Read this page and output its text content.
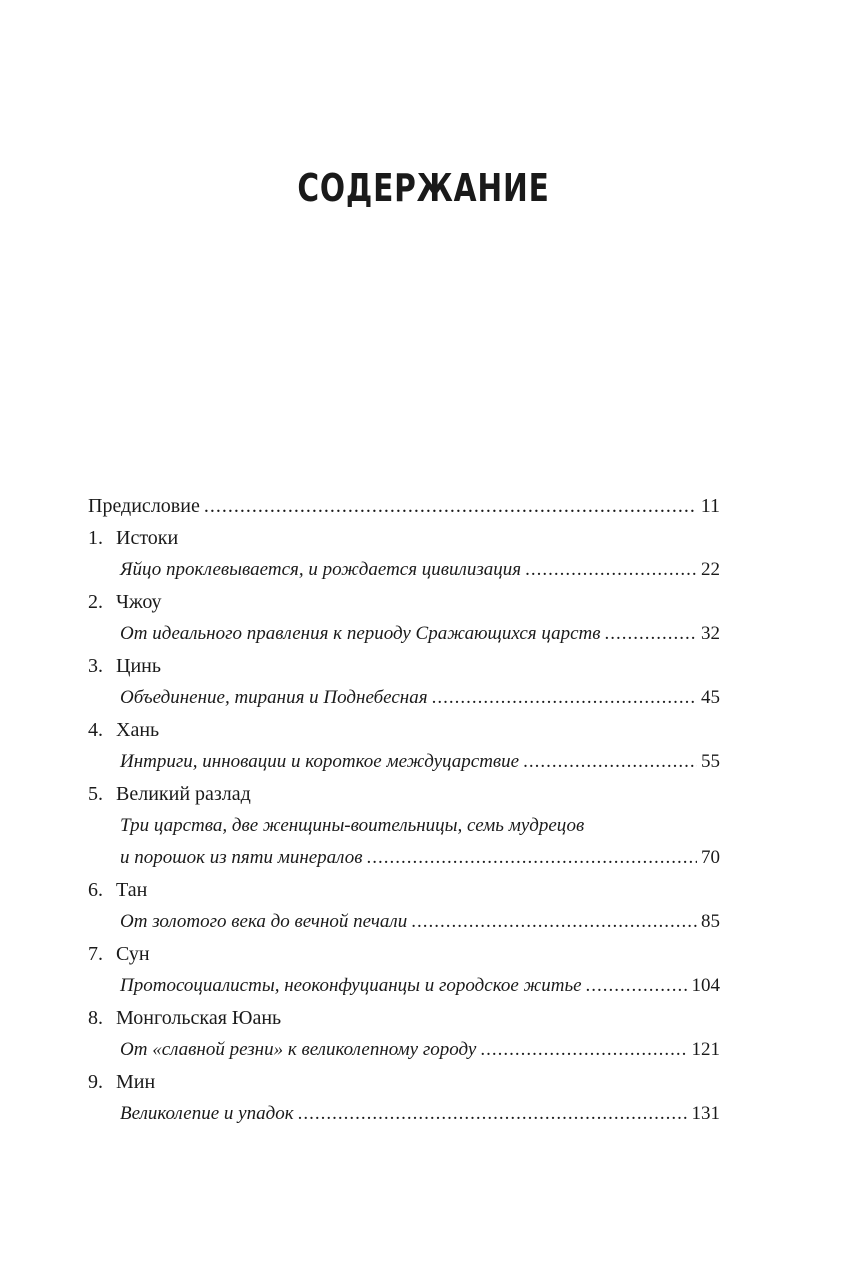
СОДЕРЖАНИЕ
Предисловие .....	11
1. Истоки
Яйцо проклевывается, и рождается цивилизация .....	22
2. Чжоу
От идеального правления к периоду Сражающихся царств .....	32
3. Цинь
Объединение, тирания и Поднебесная .....	45
4. Хань
Интриги, инновации и короткое междуцарствие .....	55
5. Великий разлад
Три царства, две женщины-воительницы, семь мудрецов
и порошок из пяти минералов .....	70
6. Тан
От золотого века до вечной печали .....	85
7. Сун
Протосоциалисты, неоконфуцианцы и городское житье .....	104
8. Монгольская Юань
От «славной резни» к великолепному городу .....	121
9. Мин
Великолепие и упадок .....	131
